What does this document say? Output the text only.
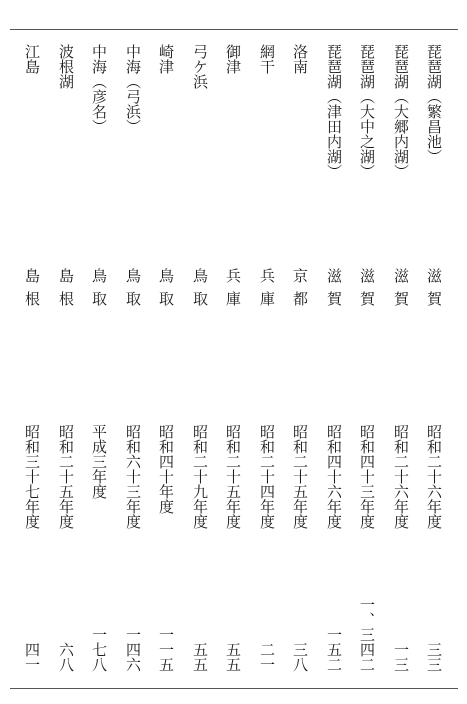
琵琶湖（繁昌池）
滋賀
昭和二十六年度
三三
琵琶湖（大郷内湖）
滋賀
昭和二十六年度
一三
琵琶湖（大中之湖）
滋賀
昭和四十三年度
一、三四二
琵琶湖（津田内湖）
滋賀
昭和四十六年度
一五二
洛南
京都
昭和二十五年度
三八
網干
兵庫
昭和二十四年度
二一
御津
兵庫
昭和二十五年度
五五
弓ケ浜
鳥取
昭和二十九年度
五五
崎津
鳥取
昭和四十年度
一一五
中海（弓浜）
鳥取
昭和六十三年度
一四六
中海（彦名）
鳥取
平成三年度
一七八
波根湖
島根
昭和二十五年度
六八
江島
島根
昭和三十七年度
四一
